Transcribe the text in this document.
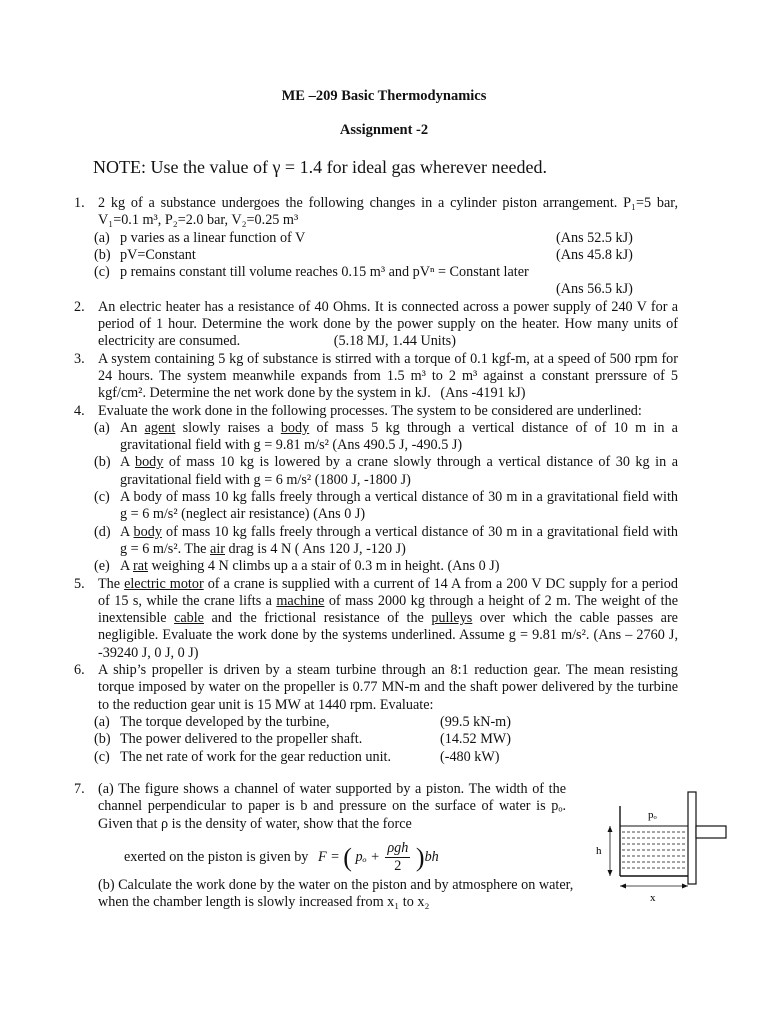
ME –209 Basic Thermodynamics
Assignment -2
NOTE: Use the value of γ = 1.4 for ideal gas wherever needed.
1. 2 kg of a substance undergoes the following changes in a cylinder piston arrangement. P₁=5 bar, V₁=0.1 m³, P₂=2.0 bar, V₂=0.25 m³
(a) p varies as a linear function of V	(Ans 52.5 kJ)
(b) pV=Constant	(Ans 45.8 kJ)
(c) p remains constant till volume reaches 0.15 m³ and pVⁿ = Constant later
(Ans 56.5 kJ)
2. An electric heater has a resistance of 40 Ohms. It is connected across a power supply of 240 V for a period of 1 hour. Determine the work done by the power supply on the heater. How many units of electricity are consumed.	(5.18 MJ, 1.44 Units)
3. A system containing 5 kg of substance is stirred with a torque of 0.1 kgf-m, at a speed of 500 rpm for 24 hours. The system meanwhile expands from 1.5 m³ to 2 m³ against a constant prerssure of 5 kgf/cm². Determine the net work done by the system in kJ. (Ans -4191 kJ)
4. Evaluate the work done in the following processes. The system to be considered are underlined:
(a) An agent slowly raises a body of mass 5 kg through a vertical distance of of 10 m in a gravitational field with g = 9.81 m/s² (Ans 490.5 J, -490.5 J)
(b) A body of mass 10 kg is lowered by a crane slowly through a vertical distance of 30 kg in a gravitational field with g = 6 m/s² (1800 J, -1800 J)
(c) A body of mass 10 kg falls freely through a vertical distance of 30 m in a gravitational field with g = 6 m/s² (neglect air resistance) (Ans 0 J)
(d) A body of mass 10 kg falls freely through a vertical distance of 30 m in a gravitational field with g = 6 m/s². The air drag is 4 N ( Ans 120 J, -120 J)
(e) A rat weighing 4 N climbs up a a stair of 0.3 m in height. (Ans 0 J)
5. The electric motor of a crane is supplied with a current of 14 A from a 200 V DC supply for a period of 15 s, while the crane lifts a machine of mass 2000 kg through a height of 2 m. The weight of the inextensible cable and the frictional resistance of the pulleys over which the cable passes are negligible. Evaluate the work done by the systems underlined. Assume g = 9.81 m/s². (Ans – 2760 J, -39240 J, 0 J, 0 J)
6. A ship’s propeller is driven by a steam turbine through an 8:1 reduction gear. The mean resisting torque imposed by water on the propeller is 0.77 MN-m and the shaft power delivered by the turbine to the reduction gear unit is 15 MW at 1440 rpm. Evaluate:
(a) The torque developed by the turbine,	(99.5 kN-m)
(b) The power delivered to the propeller shaft.	(14.52 MW)
(c) The net rate of work for the gear reduction unit.	(-480 kW)
7. (a) The figure shows a channel of water supported by a piston. The width of the channel perpendicular to paper is b and pressure on the surface of water is pₒ. Given that ρ is the density of water, show that the force
exerted on the piston is given by F = ( pₒ +
ρgh
2 )bh
(b) Calculate the work done by the water on the piston and by atmosphere on water, when the chamber length is slowly increased from x₁ to x₂
pₒ
h
x
